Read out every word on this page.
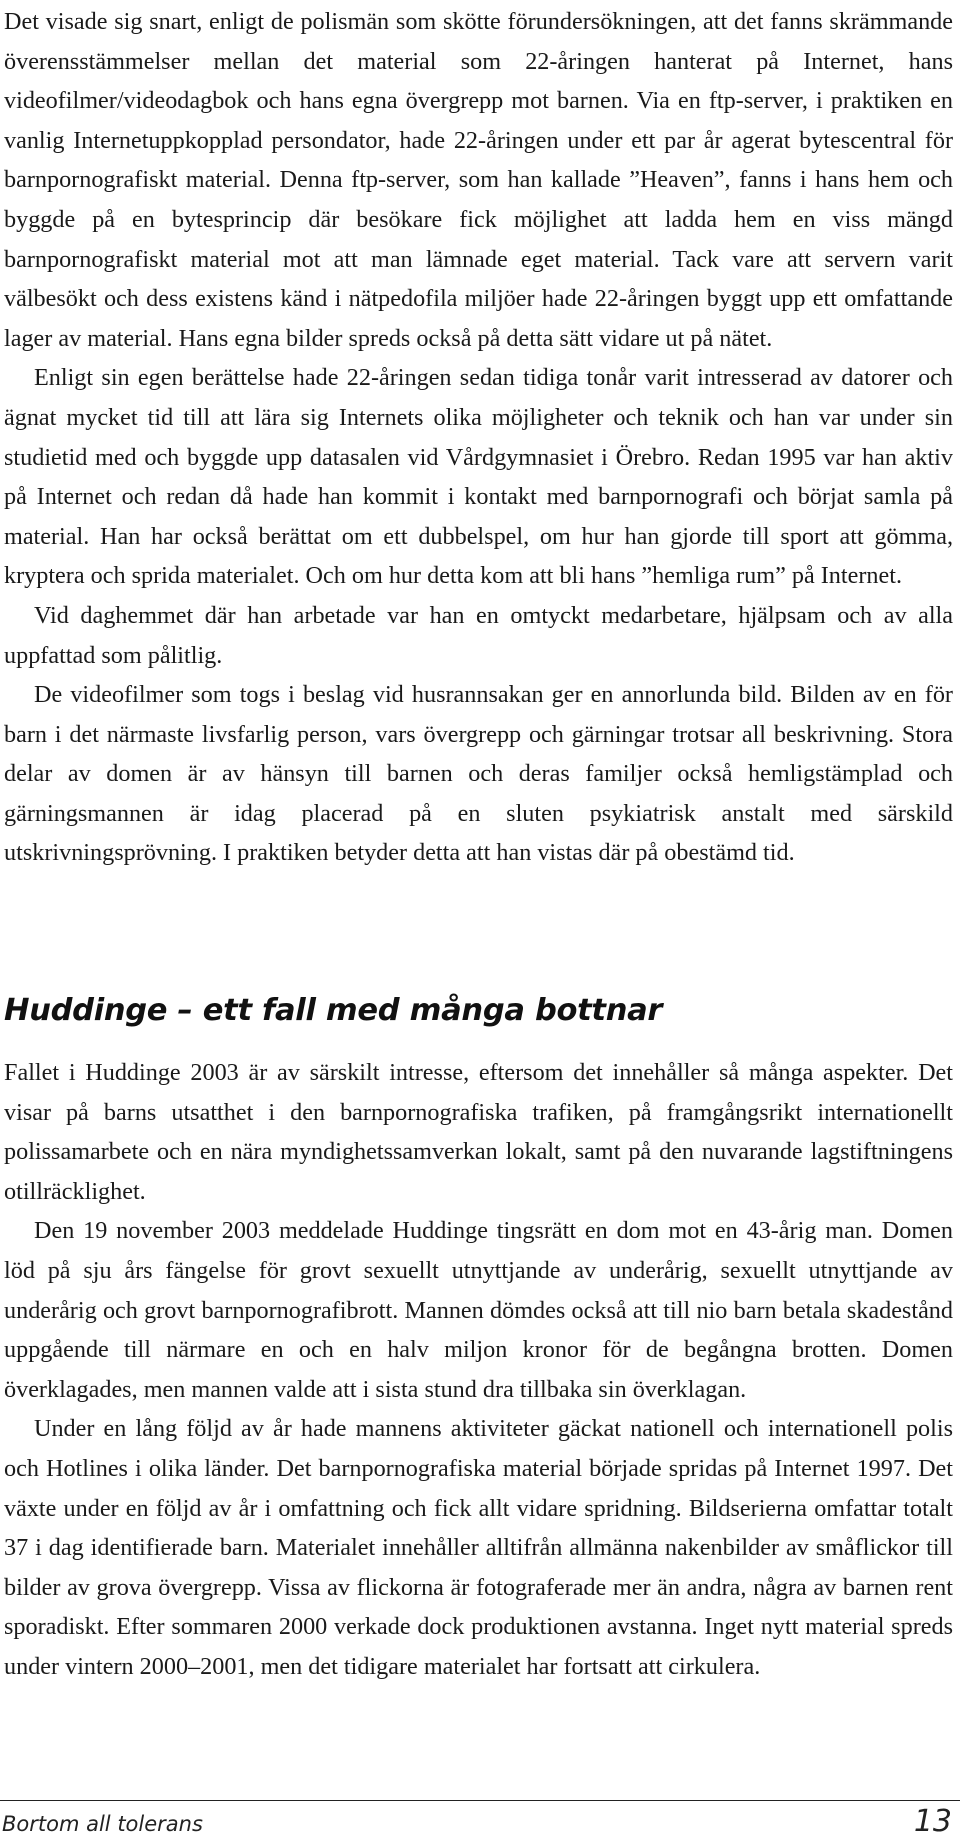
Det visade sig snart, enligt de polismän som skötte förundersökningen, att det fanns skrämmande överensstämmelser mellan det material som 22-åringen hanterat på Internet, hans videofilmer/videodagbok och hans egna övergrepp mot barnen. Via en ftp-server, i praktiken en vanlig Internetuppkopplad persondator, hade 22-åringen under ett par år agerat bytescentral för barnpornografiskt material. Denna ftp-server, som han kallade ”Heaven”, fanns i hans hem och byggde på en bytesprincip där besökare fick möjlighet att ladda hem en viss mängd barnpornografiskt material mot att man lämnade eget material. Tack vare att servern varit välbesökt och dess existens känd i nätpedofila miljöer hade 22-åringen byggt upp ett omfattande lager av material. Hans egna bilder spreds också på detta sätt vidare ut på nätet.

Enligt sin egen berättelse hade 22-åringen sedan tidiga tonår varit intresserad av datorer och ägnat mycket tid till att lära sig Internets olika möjligheter och teknik och han var under sin studietid med och byggde upp datasalen vid Vårdgymnasiet i Örebro. Redan 1995 var han aktiv på Internet och redan då hade han kommit i kontakt med barnpornografi och börjat samla på material. Han har också berättat om ett dubbelspel, om hur han gjorde till sport att gömma, kryptera och sprida materialet. Och om hur detta kom att bli hans ”hemliga rum” på Internet.

Vid daghemmet där han arbetade var han en omtyckt medarbetare, hjälpsam och av alla uppfattad som pålitlig.

De videofilmer som togs i beslag vid husrannsakan ger en annorlunda bild. Bilden av en för barn i det närmaste livsfarlig person, vars övergrepp och gärningar trotsar all beskrivning. Stora delar av domen är av hänsyn till barnen och deras familjer också hemligstämplad och gärningsmannen är idag placerad på en sluten psykiatrisk anstalt med särskild utskrivningsprövning. I praktiken betyder detta att han vistas där på obestämd tid.

Huddinge – ett fall med många bottnar

Fallet i Huddinge 2003 är av särskilt intresse, eftersom det innehåller så många aspekter. Det visar på barns utsatthet i den barnpornografiska trafiken, på framgångsrikt internationellt polissamarbete och en nära myndighetssamverkan lokalt, samt på den nuvarande lagstiftningens otillräcklighet.

Den 19 november 2003 meddelade Huddinge tingsrätt en dom mot en 43-årig man. Domen löd på sju års fängelse för grovt sexuellt utnyttjande av underårig, sexuellt utnyttjande av underårig och grovt barnpornografibrott. Mannen dömdes också att till nio barn betala skadestånd uppgående till närmare en och en halv miljon kronor för de begångna brotten. Domen överklagades, men mannen valde att i sista stund dra tillbaka sin överklagan.

Under en lång följd av år hade mannens aktiviteter gäckat nationell och internationell polis och Hotlines i olika länder. Det barnpornografiska material började spridas på Internet 1997. Det växte under en följd av år i omfattning och fick allt vidare spridning. Bildserierna omfattar totalt 37 i dag identifierade barn. Materialet innehåller alltifrån allmänna nakenbilder av småflickor till bilder av grova övergrepp. Vissa av flickorna är fotograferade mer än andra, några av barnen rent sporadiskt. Efter sommaren 2000 verkade dock produktionen avstanna. Inget nytt material spreds under vintern 2000–2001, men det tidigare materialet har fortsatt att cirkulera.

Bortom all tolerans	13
